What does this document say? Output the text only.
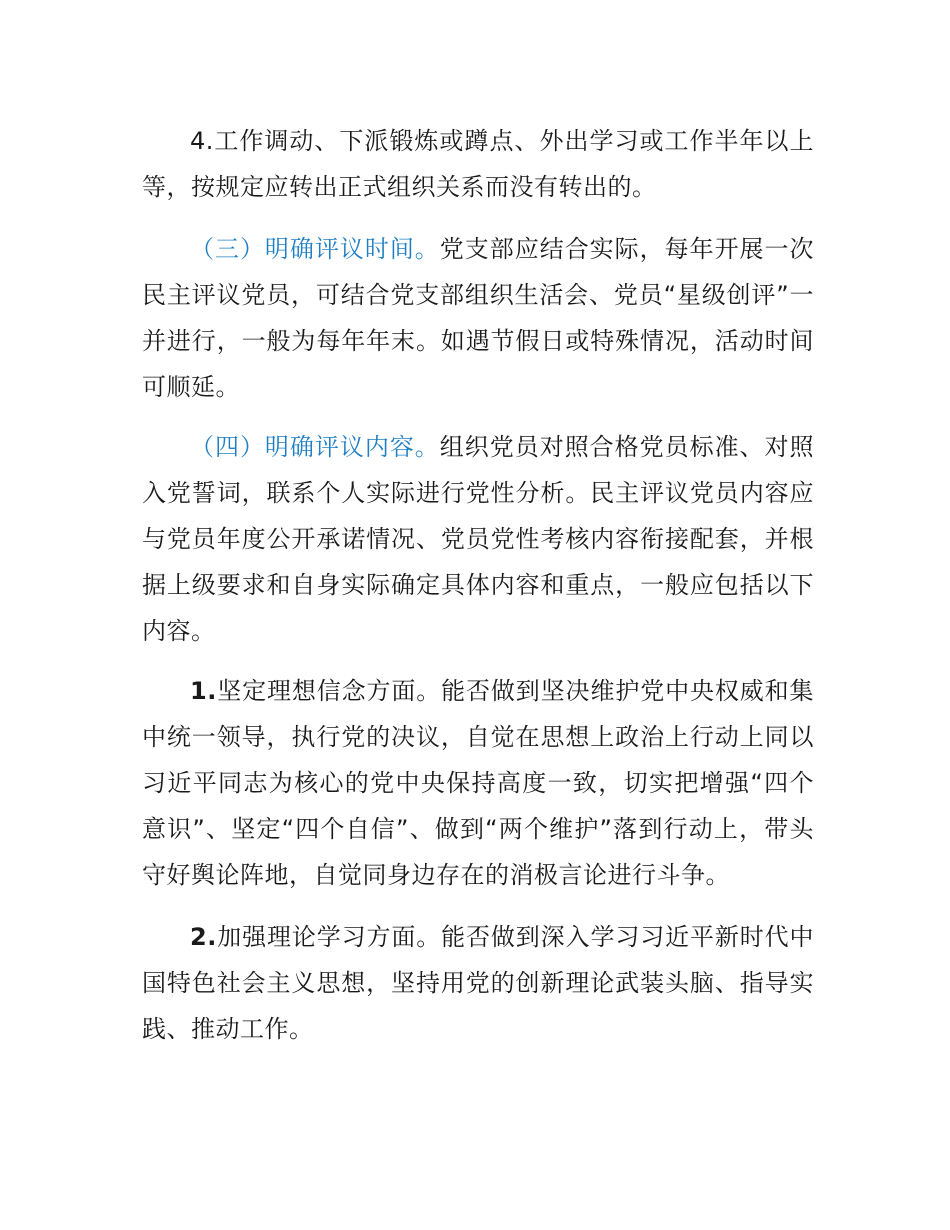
4.工作调动、下派锻炼或蹲点、外出学习或工作半年以上等，按规定应转出正式组织关系而没有转出的。

（三）明确评议时间。党支部应结合实际，每年开展一次民主评议党员，可结合党支部组织生活会、党员“星级创评”一并进行，一般为每年年末。如遇节假日或特殊情况，活动时间可顺延。

（四）明确评议内容。组织党员对照合格党员标准、对照入党誓词，联系个人实际进行党性分析。民主评议党员内容应与党员年度公开承诺情况、党员党性考核内容衔接配套，并根据上级要求和自身实际确定具体内容和重点，一般应包括以下内容。

1.坚定理想信念方面。能否做到坚决维护党中央权威和集中统一领导，执行党的决议，自觉在思想上政治上行动上同以习近平同志为核心的党中央保持高度一致，切实把增强“四个意识”、坚定“四个自信”、做到“两个维护”落到行动上，带头守好舆论阵地，自觉同身边存在的消极言论进行斗争。

2.加强理论学习方面。能否做到深入学习习近平新时代中国特色社会主义思想，坚持用党的创新理论武装头脑、指导实践、推动工作。
